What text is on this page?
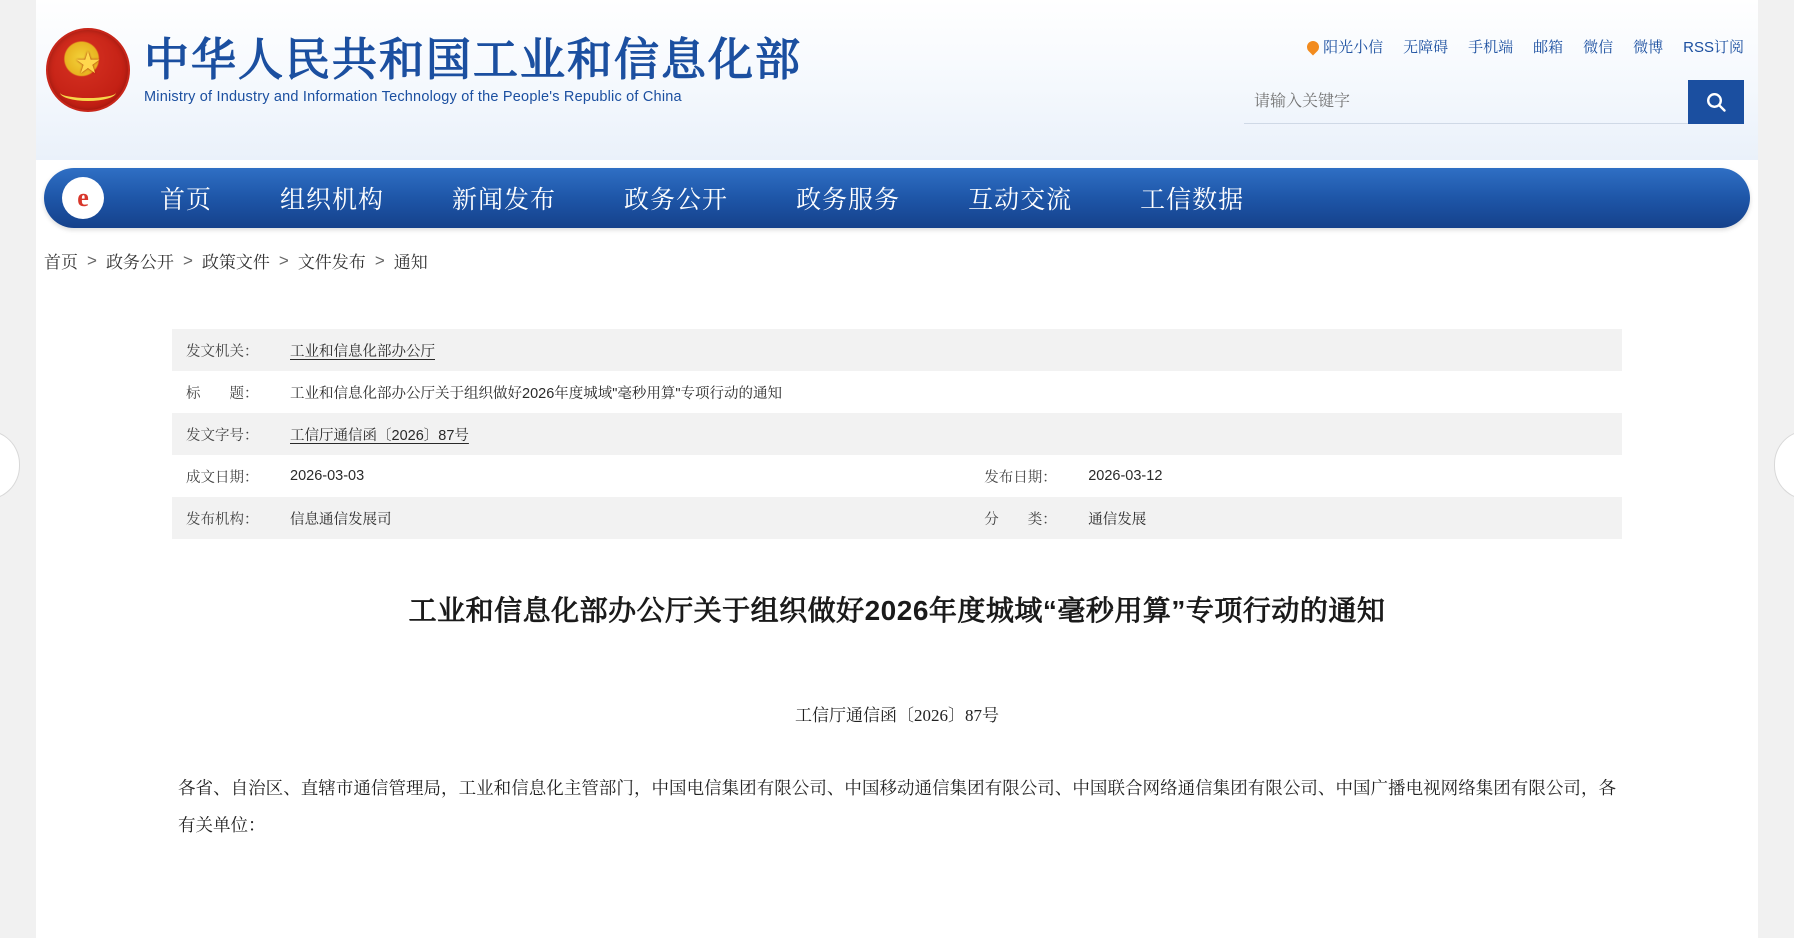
★
中华人民共和国工业和信息化部
Ministry of Industry and Information Technology of the People's Republic of China
阳光小信 无障碍 手机端 邮箱 微信 微博 RSS订阅
请输入关键字
e	首页	组织机构	新闻发布	政务公开	政务服务	互动交流	工信数据
首页 > 政务公开 > 政策文件 > 文件发布 > 通知
发文机关：	工业和信息化部办公厅		
标　　题：	工业和信息化部办公厅关于组织做好2026年度城域"毫秒用算"专项行动的通知		
发文字号：	工信厅通信函〔2026〕87号		
成文日期：	2026-03-03	发布日期：	2026-03-12
发布机构：	信息通信发展司	分　　类：	通信发展
工业和信息化部办公厅关于组织做好2026年度城域“毫秒用算”专项行动的通知
工信厅通信函〔2026〕87号
各省、自治区、直辖市通信管理局，工业和信息化主管部门，中国电信集团有限公司、中国移动通信集团有限公司、中国联合网络通信集团有限公司、中国广播电视网络集团有限公司，各有关单位：
